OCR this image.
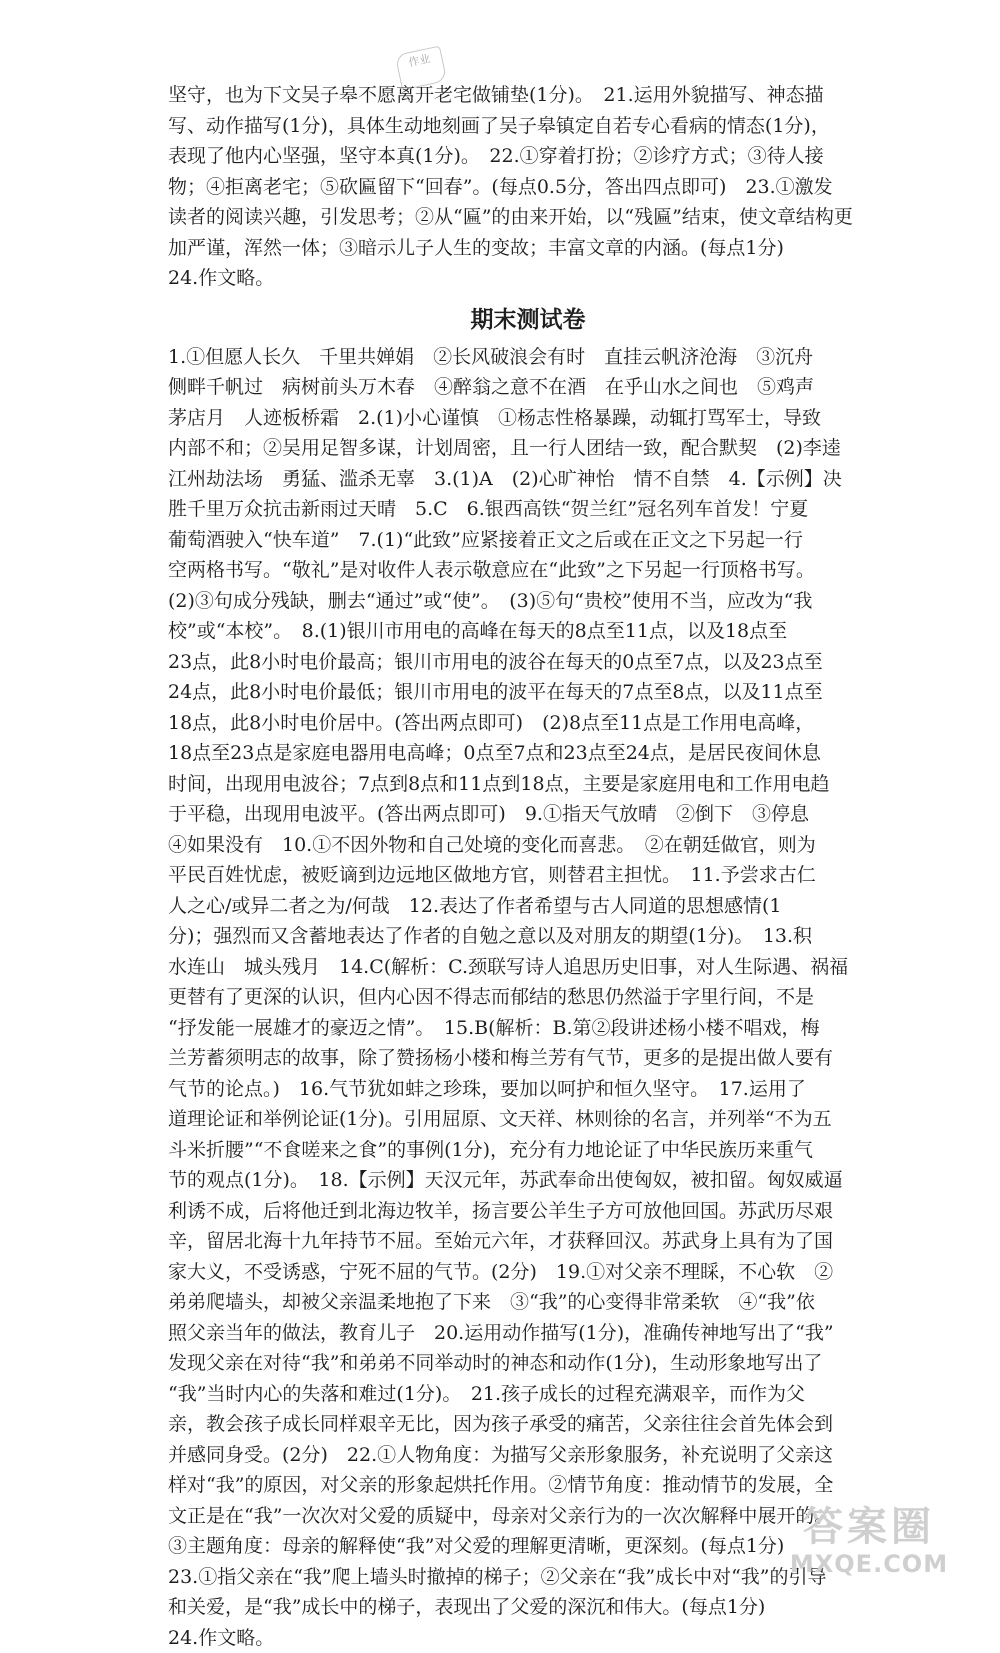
作业
坚守，也为下文吴子皋不愿离开老宅做铺垫(1分)。　21.运用外貌描写、神态描
写、动作描写(1分)，具体生动地刻画了吴子皋镇定自若专心看病的情态(1分)，
表现了他内心坚强，坚守本真(1分)。　22.①穿着打扮；②诊疗方式；③待人接
物；④拒离老宅；⑤砍匾留下“回春”。(每点0.5分，答出四点即可)　23.①激发
读者的阅读兴趣，引发思考；②从“匾”的由来开始，以“残匾”结束，使文章结构更
加严谨，浑然一体；③暗示儿子人生的变故；丰富文章的内涵。(每点1分)
24.作文略。
期末测试卷
1.①但愿人长久　千里共婵娟　②长风破浪会有时　直挂云帆济沧海　③沉舟
侧畔千帆过　病树前头万木春　④醉翁之意不在酒　在乎山水之间也　⑤鸡声
茅店月　人迹板桥霜　2.(1)小心谨慎　①杨志性格暴躁，动辄打骂军士，导致
内部不和；②吴用足智多谋，计划周密，且一行人团结一致，配合默契　(2)李逵
江州劫法场　勇猛、滥杀无辜　3.(1)A　(2)心旷神怡　情不自禁　4.【示例】决
胜千里万众抗击新雨过天晴　5.C　6.银西高铁“贺兰红”冠名列车首发！宁夏
葡萄酒驶入“快车道”　7.(1)“此致”应紧接着正文之后或在正文之下另起一行
空两格书写。“敬礼”是对收件人表示敬意应在“此致”之下另起一行顶格书写。
(2)③句成分残缺，删去“通过”或“使”。　(3)⑤句“贵校”使用不当，应改为“我
校”或“本校”。　8.(1)银川市用电的高峰在每天的8点至11点，以及18点至
23点，此8小时电价最高；银川市用电的波谷在每天的0点至7点，以及23点至
24点，此8小时电价最低；银川市用电的波平在每天的7点至8点，以及11点至
18点，此8小时电价居中。(答出两点即可)　(2)8点至11点是工作用电高峰，
18点至23点是家庭电器用电高峰；0点至7点和23点至24点，是居民夜间休息
时间，出现用电波谷；7点到8点和11点到18点，主要是家庭用电和工作用电趋
于平稳，出现用电波平。(答出两点即可)　9.①指天气放晴　②倒下　③停息
④如果没有　10.①不因外物和自己处境的变化而喜悲。　②在朝廷做官，则为
平民百姓忧虑，被贬谪到边远地区做地方官，则替君主担忧。　11.予尝求古仁
人之心/或异二者之为/何哉　12.表达了作者希望与古人同道的思想感情(1
分)；强烈而又含蓄地表达了作者的自勉之意以及对朋友的期望(1分)。　13.积
水连山　城头残月　14.C(解析：C.颈联写诗人追思历史旧事，对人生际遇、祸福
更替有了更深的认识，但内心因不得志而郁结的愁思仍然溢于字里行间，不是
“抒发能一展雄才的豪迈之情”。　15.B(解析：B.第②段讲述杨小楼不唱戏，梅
兰芳蓄须明志的故事，除了赞扬杨小楼和梅兰芳有气节，更多的是提出做人要有
气节的论点。)　16.气节犹如蚌之珍珠，要加以呵护和恒久坚守。　17.运用了
道理论证和举例论证(1分)。引用屈原、文天祥、林则徐的名言，并列举“不为五
斗米折腰”“不食嗟来之食”的事例(1分)，充分有力地论证了中华民族历来重气
节的观点(1分)。　18.【示例】天汉元年，苏武奉命出使匈奴，被扣留。匈奴威逼
利诱不成，后将他迁到北海边牧羊，扬言要公羊生子方可放他回国。苏武历尽艰
辛，留居北海十九年持节不屈。至始元六年，才获释回汉。苏武身上具有为了国
家大义，不受诱惑，宁死不屈的气节。(2分)　19.①对父亲不理睬，不心软　②
弟弟爬墙头，却被父亲温柔地抱了下来　③“我”的心变得非常柔软　④“我”依
照父亲当年的做法，教育儿子　20.运用动作描写(1分)，准确传神地写出了“我”
发现父亲在对待“我”和弟弟不同举动时的神态和动作(1分)，生动形象地写出了
“我”当时内心的失落和难过(1分)。　21.孩子成长的过程充满艰辛，而作为父
亲，教会孩子成长同样艰辛无比，因为孩子承受的痛苦，父亲往往会首先体会到
并感同身受。(2分)　22.①人物角度：为描写父亲形象服务，补充说明了父亲这
样对“我”的原因，对父亲的形象起烘托作用。②情节角度：推动情节的发展，全
文正是在“我”一次次对父爱的质疑中，母亲对父亲行为的一次次解释中展开的。
③主题角度：母亲的解释使“我”对父爱的理解更清晰，更深刻。(每点1分)
23.①指父亲在“我”爬上墙头时撤掉的梯子；②父亲在“我”成长中对“我”的引导
和关爱，是“我”成长中的梯子，表现出了父爱的深沉和伟大。(每点1分)
24.作文略。
答案圈
MXQE.COM
